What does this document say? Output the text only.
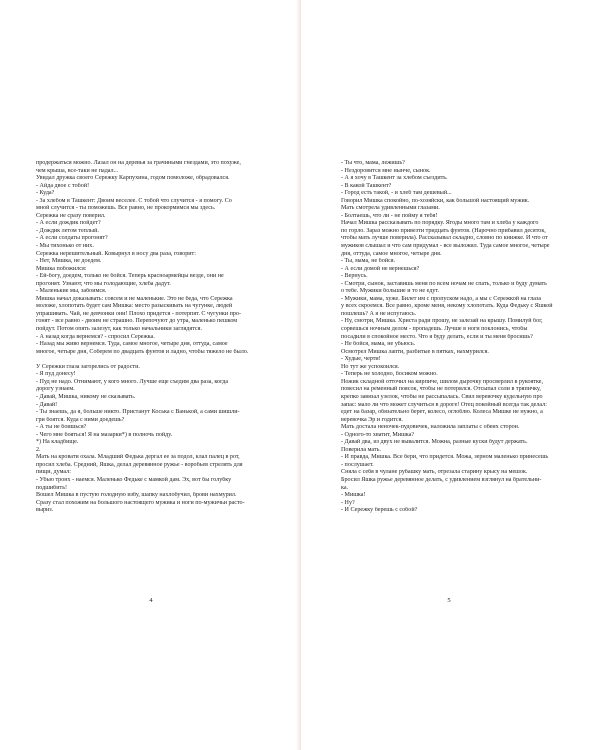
продержаться можно. Лазал он на деревья за грачиными гнездами, это похуже,
чем крыша, все-таки не падал...
Увидал дружка своего Сережку Карпухина, годом помоложе, обрадовался.
- Айда двое с тобой!
- Куда?
- За хлебом в Ташкент: Двоим веселее. С тобой что случится - я помогу. Со
мной случится - ты поможешь. Все равно, не прокормимся мы здесь.
Сережка не сразу поверил.
- А если дождик пойдет?
- Дождик летом теплый.
- А если солдаты прогонят?
- Мы тихонько от них.
Сережка нерешительный. Ковырнул в носу два раза, говорит:
- Нет, Мишка, не доедем.
Мишка побожился:
- Ей-богу, доедем, только не бойся. Теперь красноармейцы везде, они не
прогонят. Узнают, что мы голодающие, хлеба дадут.
- Маленькие мы, забоимся.
Мишка начал доказывать: совсем и не маленькие. Это не беда, что Сережка
моложе, хлопотать будет сам Мишка: место разыскивать на чугунке, людей
упрашивать. Чай, не девчонки они! Плохо придется - потерпят. С чугунки про-
гонят - все равно - двоим не страшно. Перепочуют до утра, маленько пешком
пойдут. Потом опять залезут, как только начальники заглядятся.
- А назад когда вернемся? - спросил Сережка.
- Назад мы живо вернемся. Туда, самое многое, четыре дня, оттуда, самое
многое, четыре дня, Соберем по двадцать фунтов и ладно, чтобы тяжело не было.
У Сережки глаза загорелись от радости.
- Я пуд донесу!
- Пуд не надо. Отнимают, у кого много. Лучше еще съедим два раза, когда
дорогу узнаем.
- Давай, Мишка, никому не сказывать.
- Давай!
- Ты знаешь, да я, больше никто. Пристанут Коська с Ванькой, а сами шишли-
гри боятся. Куда с ними доедешь?
- А ты не боишься?
- Чего мне бояться! Я на мазарки*) в полночь пойду.
*) На кладбище.
2.
Мать на кровати охала. Младший Федька дергал ее за подол, клал палец в рот,
просил хлеба. Средний, Яшка, делал деревянное ружье - воробьев стрелять для
пищи, думал:
- Убью тронх - наемся. Маленько Федьке с мамкой дам. Эх, вот бы голубку
подшибить!
Вошел Мишка в пустую голодную избу, шапку нахлобучил, брови нахмурил.
Сразу стал похожим на большого настоящего мужика и ноги по-мужичьи расто-
выриз.
4
- Ты что, мама, лежишь?
- Нездоровится мне нынче, сынок.
- А я хочу в Ташкент за хлебом съездить.
- В какой Ташкент?
- Город есть такой, - и хлеб там дешевый...
Говорил Мишка спокойно, по-хозяйски, как большой настоящий мужик.
Мать смотрела удивленными глазами.
- Болтаешь, что ли - не пойму я тебя!
Начал Мишка рассказывать по порядку. Ягоды много там и хлеба у каждого
по горло. Зараз можно привезти тридцать фунтов. (Нарочно прибавил десяток,
чтобы мать лучше поверила). Рассказывал складно, словно по книжке. И что от
мужиков слышал и что сам придумал - все выложил. Туда самое многое, четыре
дня, оттуда, самое многое, четыре дня.
- Ты, мама, не бойся.
- А если домой не вернешься?
- Вернусь.
- Смотри, сынок, заставишь меня по всем ночам не спать, только и буду думать
о тебе. Мужики большие и то не едут.
- Мужики, мама, хуже. Билет им с пропуском надо, а мы с Сережкой на глаза
у всех скроемся. Все равно, кроме меня, некому хлопотать. Куда Федьку с Яшкой
пошлешь? А я не испугаюсь.
- Ну, смотри, Мишка. Христа ради прошу, не залезай на крышу. Помилуй бог,
сорвешься ночным делом - пропадешь. Лучше в ноги поклонись, чтобы
посадили в спокойное место. Что я буду делать, если и ты меня бросишь?
- Не бойся, мама, не убьюсь.
Осмотрел Мишка лапти, разбитые в пятках, нахмурился.
- Худые, черти!
Но тут же успокоился.
- Теперь не холодно, босиком можно.
Ножик складной отточил на кирпиче, шилом дырочку просверлил в рукоятке,
повесил на ременный поясок, чтобы не потерялся. Отсыпал соли в тряпичку,
крепко завязал узелок, чтобы не рассыпалась. Свил веревочку кудельную про
запас: мало ли что может случиться в дороге! Отец покойный всегда так делал:
едет на базар, обязательно берет, колесо, оглоблю. Колеса Мишке не нужно, а
веревочка Эр и годится.
Мать достала неночек-пудовичек, наложила заплаты с обеих сторон.
- Одного-то хватит, Мишка?
- Давай два, из двух не вывалится. Можна, разные куски будут держать.
Поверила мать.
- И правда, Мишка. Все бери, что придется. Можа, зерном маленько принесешь
- послушает.
Сняла с себя в чулане рубашку мать, отрезала старину крысу на мешок.
Бросил Яшка ружье деревянное делать, с удивлением взглянул на брательни-
ка.
- Мишка!
- Ну?
- И Сережку берешь с собой?
5
